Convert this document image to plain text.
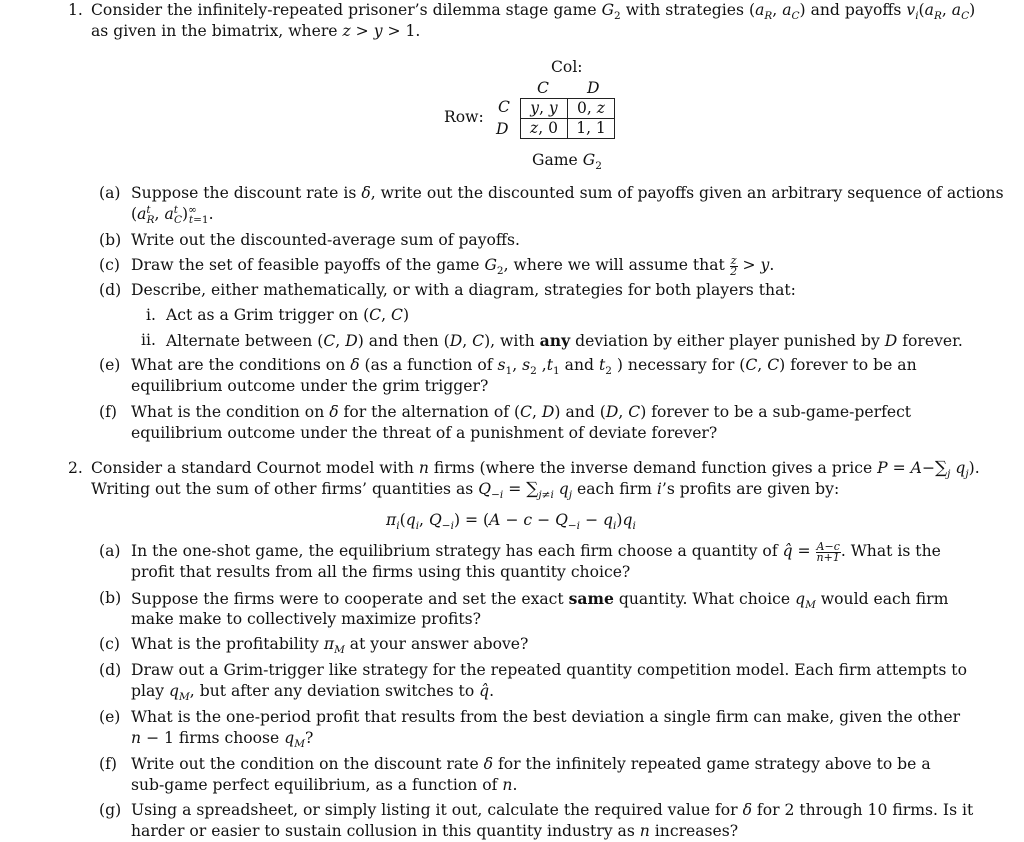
1. Consider the infinitely-repeated prisoner’s dilemma stage game $G_2$ with strategies ($a_R$, $a_C$) and payoffs $v_i(a_R$, $a_C$)
as given in the bimatrix, where z > y > 1.
Col:
C D
Row:
C
D
y, y	0, z
z, 0	1, 1
Game $G_2$
(a) Suppose the discount rate is δ, write out the discounted sum of payoffs given an arbitrary sequence of actions
($a^t_R$, $a^t_C)^\infty_{t=1}$.
(b) Write out the discounted-average sum of payoffs.
(c) Draw the set of feasible payoffs of the game $G_2$, where we will assume that $\frac{z}{2} > y$.
(d) Describe, either mathematically, or with a diagram, strategies for both players that:
i. Act as a Grim trigger on (C, C)
ii. Alternate between (C, D) and then (D, C), with any deviation by either player punished by D forever.
(e) What are the conditions on δ (as a function of $s_1$, $s_2$ $,t_1$ and $t_2$ ) necessary for (C, C) forever to be an
equilibrium outcome under the grim trigger?
(f) What is the condition on δ for the alternation of (C, D) and (D, C) forever to be a sub-game-perfect
equilibrium outcome under the threat of a punishment of deviate forever?
2. Consider a standard Cournot model with n firms (where the inverse demand function gives a price $P = A-\sum_j$ $q_j$).
Writing out the sum of other firms’ quantities as $Q_{-i} = \sum_{j\ne i}$ $q_j$ each firm i’s profits are given by:
$\pi_i(q_i$, $Q_{-i}) = (A - c - Q_{-i} - q_i)q_i$
(a) In the one-shot game, the equilibrium strategy has each firm choose a quantity of q̂ = $\frac{A-c}{n+1}$ . What is the
profit that results from all the firms using this quantity choice?
(b) Suppose the firms were to cooperate and set the exact same quantity. What choice $q_M$ would each firm
make make to collectively maximize profits?
(c) What is the profitability $\pi_M$ at your answer above?
(d) Draw out a Grim-trigger like strategy for the repeated quantity competition model. Each firm attempts to
play $q_M$, but after any deviation switches to q̂.
(e) What is the one-period profit that results from the best deviation a single firm can make, given the other
n − 1 firms choose $q_M$?
(f) Write out the condition on the discount rate δ for the infinitely repeated game strategy above to be a
sub-game perfect equilibrium, as a function of n.
(g) Using a spreadsheet, or simply listing it out, calculate the required value for δ for 2 through 10 firms. Is it
harder or easier to sustain collusion in this quantity industry as n increases?
